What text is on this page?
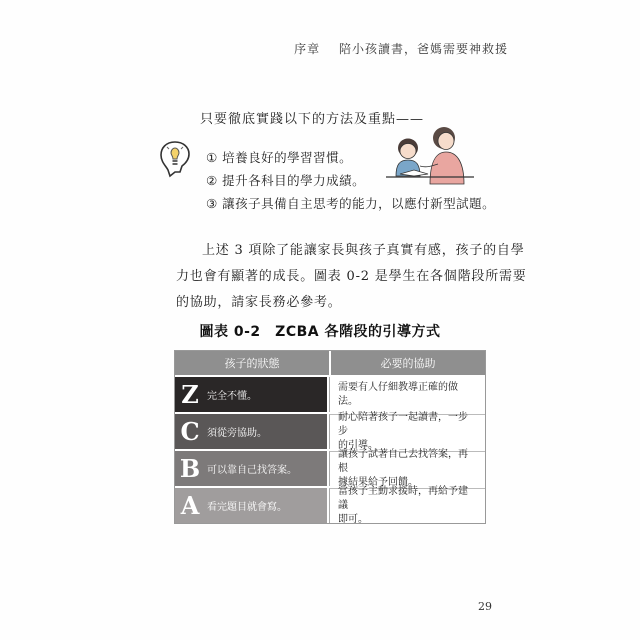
序章 陪小孩讀書，爸媽需要神救援
只要徹底實踐以下的方法及重點——
① 培養良好的學習習慣。
② 提升各科目的學力成績。
③ 讓孩子具備自主思考的能力，以應付新型試題。
上述 3 項除了能讓家長與孩子真實有感，孩子的自學
力也會有顯著的成長。圖表 0-2 是學生在各個階段所需要
的協助，請家長務必參考。
圖表 0-2　ZCBA 各階段的引導方式
孩子的狀態	必要的協助
Z 完全不懂。
需要有人仔細教導正確的做法。
C 須從旁協助。
耐心陪著孩子一起讀書，一步步
的引導。
B 可以靠自己找答案。
讓孩子試著自己去找答案，再根
據結果給予回饋。
A 看完題目就會寫。
當孩子主動求援時，再給予建議
即可。
29
